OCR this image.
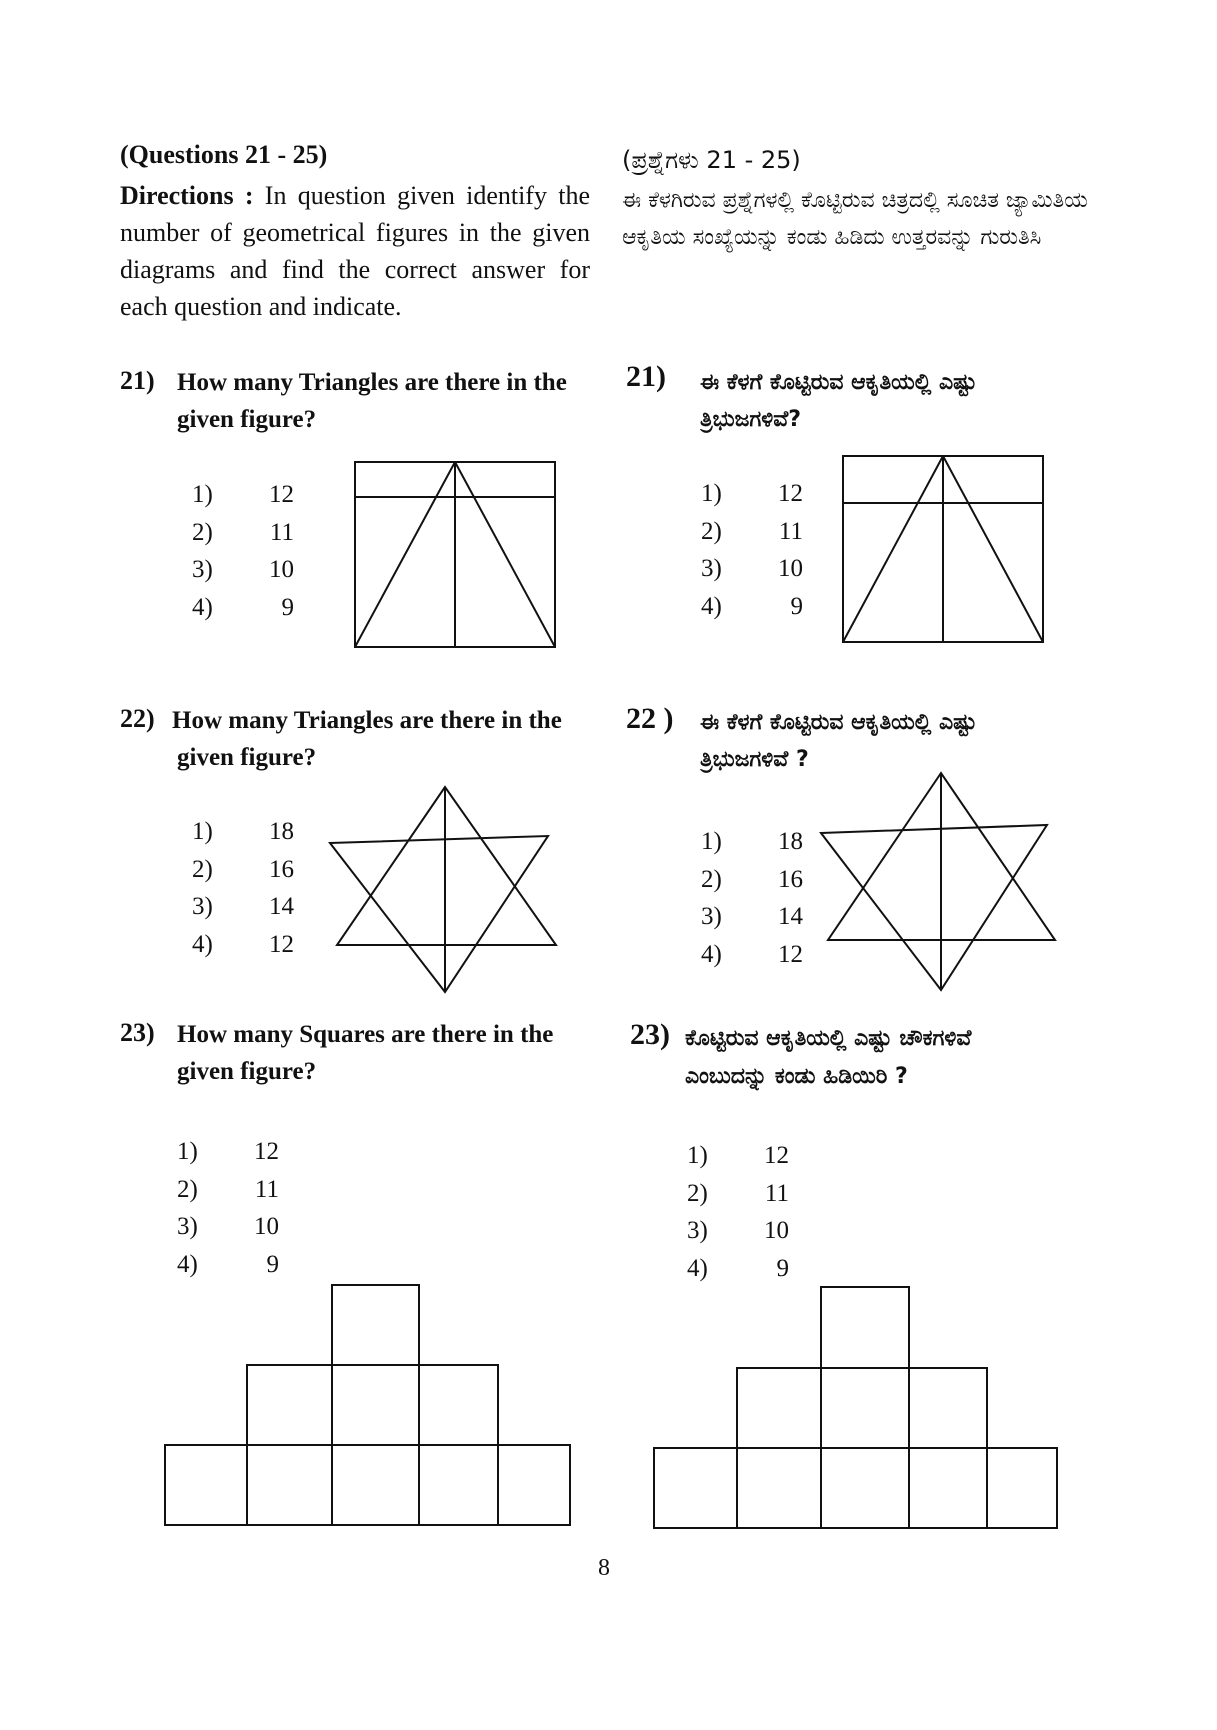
(Questions 21 - 25)
Directions : In question given identify the number of geometrical figures in the given diagrams and find the correct answer for each question and indicate.
(ಪ್ರಶ್ನೆಗಳು 21 - 25)
ಈ ಕೆಳಗಿರುವ ಪ್ರಶ್ನೆಗಳಲ್ಲಿ ಕೊಟ್ಟಿರುವ ಚಿತ್ರದಲ್ಲಿ ಸೂಚಿತ ಜ್ಯಾಮಿತಿಯ ಆಕೃತಿಯ ಸಂಖ್ಯೆಯನ್ನು ಕಂಡು ಹಿಡಿದು ಉತ್ತರವನ್ನು ಗುರುತಿಸಿ
21) How many Triangles are there in the
given figure?
1)	12
2)	11
3)	10
4)	9
21) ಈ ಕೆಳಗೆ ಕೊಟ್ಟಿರುವ ಆಕೃತಿಯಲ್ಲಿ ಎಷ್ಟು
ತ್ರಿಭುಜಗಳಿವೆ?
1)	12
2)	11
3)	10
4)	9
22) How many Triangles are there in the
given figure?
1)	18
2)	16
3)	14
4)	12
22 ) ಈ ಕೆಳಗೆ ಕೊಟ್ಟಿರುವ ಆಕೃತಿಯಲ್ಲಿ ಎಷ್ಟು
ತ್ರಿಭುಜಗಳಿವೆ ?
1)	18
2)	16
3)	14
4)	12
23) How many Squares are there in the
given figure?
1)	12
2)	11
3)	10
4)	9
23) ಕೊಟ್ಟಿರುವ ಆಕೃತಿಯಲ್ಲಿ ಎಷ್ಟು ಚೌಕಗಳಿವೆ
ಎಂಬುದನ್ನು ಕಂಡು ಹಿಡಿಯಿರಿ ?
1)	12
2)	11
3)	10
4)	9
8
